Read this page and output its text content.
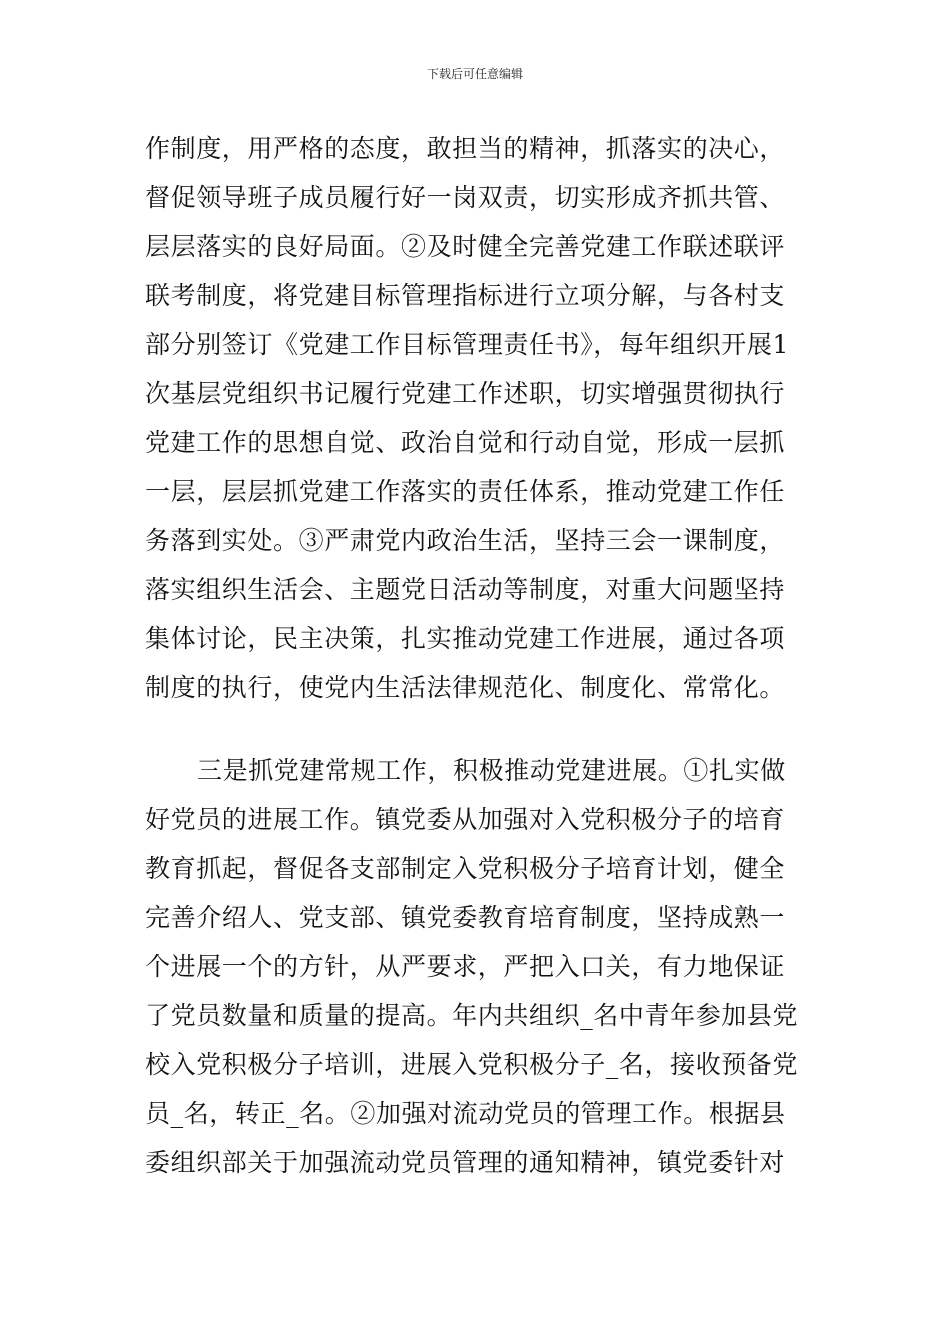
下载后可任意编辑
作制度，用严格的态度，敢担当的精神，抓落实的决心，
督促领导班子成员履行好一岗双责，切实形成齐抓共管、
层层落实的良好局面。②及时健全完善党建工作联述联评
联考制度，将党建目标管理指标进行立项分解，与各村支
部分别签订《党建工作目标管理责任书》，每年组织开展1
次基层党组织书记履行党建工作述职，切实增强贯彻执行
党建工作的思想自觉、政治自觉和行动自觉，形成一层抓
一层，层层抓党建工作落实的责任体系，推动党建工作任
务落到实处。③严肃党内政治生活，坚持三会一课制度，
落实组织生活会、主题党日活动等制度，对重大问题坚持
集体讨论，民主决策，扎实推动党建工作进展，通过各项
制度的执行，使党内生活法律规范化、制度化、常常化。
三是抓党建常规工作，积极推动党建进展。①扎实做
好党员的进展工作。镇党委从加强对入党积极分子的培育
教育抓起，督促各支部制定入党积极分子培育计划，健全
完善介绍人、党支部、镇党委教育培育制度，坚持成熟一
个进展一个的方针，从严要求，严把入口关，有力地保证
了党员数量和质量的提高。年内共组织_名中青年参加县党
校入党积极分子培训，进展入党积极分子_名，接收预备党
员_名，转正_名。②加强对流动党员的管理工作。根据县
委组织部关于加强流动党员管理的通知精神，镇党委针对
